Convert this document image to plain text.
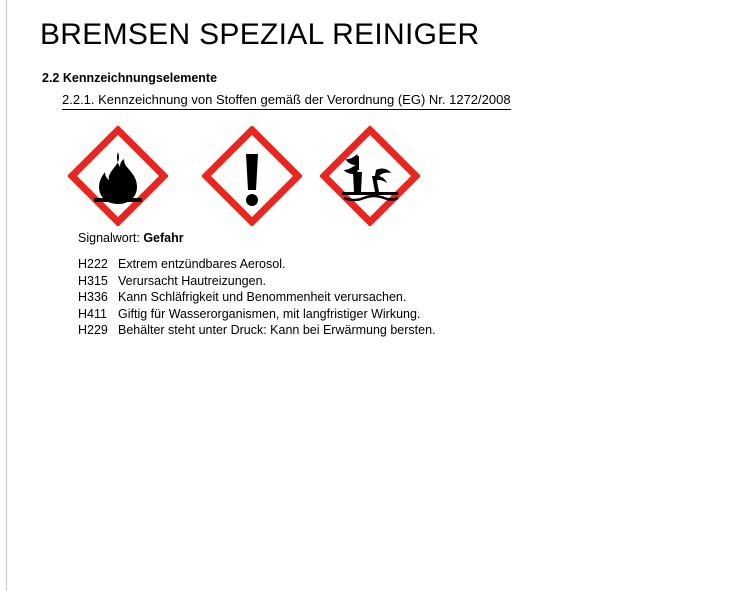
BREMSEN SPEZIAL REINIGER
2.2 Kennzeichnungselemente
2.2.1. Kennzeichnung von Stoffen gemäß der Verordnung (EG) Nr. 1272/2008
Signalwort: Gefahr
H222 Extrem entzündbares Aerosol.
H315 Verursacht Hautreizungen.
H336 Kann Schläfrigkeit und Benommenheit verursachen.
H411 Giftig für Wasserorganismen, mit langfristiger Wirkung.
H229 Behälter steht unter Druck: Kann bei Erwärmung bersten.
